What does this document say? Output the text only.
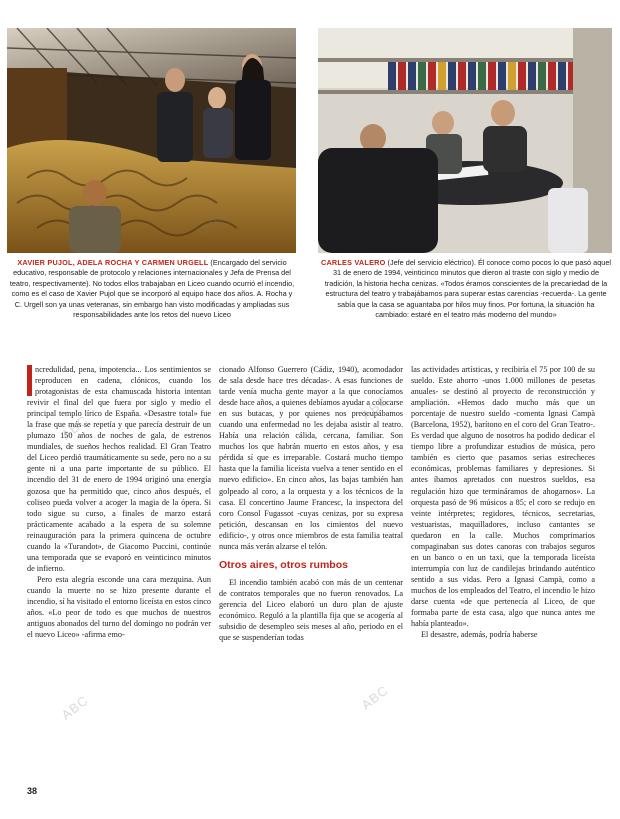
XAVIER PUJOL, ADELA ROCHA Y CARMEN URGELL (Encargado del servicio educativo, responsable de protocolo y relaciones internacionales y Jefa de Prensa del teatro, respectivamente). No todos ellos trabajaban en Liceo cuando ocurrió el incendio, como es el caso de Xavier Pujol que se incorporó al equipo hace dos años. A. Rocha y C. Urgell son ya unas veteranas, sin embargo han visto modificadas y ampliadas sus responsabilidades ante los retos del nuevo Liceo
CARLES VALERO (Jefe del servicio eléctrico). Él conoce como pocos lo que pasó aquel 31 de enero de 1994, veinticinco minutos que dieron al traste con siglo y medio de tradición, la historia hecha cenizas. «Todos éramos conscientes de la precariedad de la estructura del teatro y trabajábamos para superar estas carencias -recuerda-. La gente sabía que la casa se aguantaba por hilos muy finos. Por fortuna, la situación ha cambiado: estaré en el teatro más moderno del mundo»

ncredulidad, pena, impotencia... Los sentimientos se reproducen en cadena, clónicos, cuando los protagonistas de esta chamuscada historia intentan revivir el final del que fuera por siglo y medio el principal templo lírico de España. «Desastre total» fue la frase que más se repetía y que parecía destruir de un plumazo 150 años de noches de gala, de estrenos mundiales, de sueños hechos realidad. El Gran Teatro del Liceo perdió traumáticamente su sede, pero no a su gente ni a una parte importante de su público. El incendio del 31 de enero de 1994 originó una energía gozosa que ha permitido que, cinco años después, el coliseo pueda volver a acoger la magia de la ópera. Si todo sigue su curso, a finales de marzo estará prácticamente acabado a la espera de su solemne reinauguración para la primera quincena de octubre cuando la «Turandot», de Giacomo Puccini, continúe una temporada que se evaporó en veinticinco minutos de infierno.

Pero esta alegría esconde una cara mezquina. Aun cuando la muerte no se hizo presente durante el incendio, sí ha visitado el entorno liceísta en estos cinco años. «Lo peor de todo es que muchos de nuestros antiguos abonados del turno del domingo no podrán ver el nuevo Liceo» -afirma emo-

cionado Alfonso Guerrero (Cádiz, 1940), acomodador de sala desde hace tres décadas-. A esas funciones de tarde venía mucha gente mayor a la que conocíamos desde hace años, a quienes debíamos ayudar a colocarse en sus butacas, y por quienes nos preocupábamos cuando una enfermedad no les dejaba asistir al teatro. Había una relación cálida, cercana, familiar. Son muchos los que habrán muerto en estos años, y esa pérdida sí que es irreparable. Costará mucho tiempo hasta que la familia liceísta vuelva a tener sentido en el nuevo edificio». En cinco años, las bajas también han golpeado al coro, a la orquesta y a los técnicos de la casa. El concertino Jaume Francesc, la inspectora del coro Consol Fugassot -cuyas cenizas, por su expresa petición, descansan en los cimientos del nuevo edificio-, y otros once miembros de esta familia teatral nunca más verán alzarse el telón.

Otros aires, otros rumbos

El incendio también acabó con más de un centenar de contratos temporales que no fueron renovados. La gerencia del Liceo elaboró un duro plan de ajuste económico. Reguló a la plantilla fija que se acogería al subsidio de desempleo seis meses al año, periodo en el que se suspenderían todas

las actividades artísticas, y recibiría el 75 por 100 de su sueldo. Este ahorro -unos 1.000 millones de pesetas anuales- se destinó al proyecto de reconstrucción y ampliación. «Hemos dado mucho más que un porcentaje de nuestro sueldo -comenta Ignasi Campà (Barcelona, 1952), barítono en el coro del Gran Teatro-. Es verdad que alguno de nosotros ha podido dedicar el tiempo libre a profundizar estudios de música, pero también es cierto que pasamos serias estrecheces económicas, problemas familiares y depresiones. Si antes íbamos apretados con nuestros sueldos, esa regulación hizo que termináramos de ahogarnos». La orquesta pasó de 96 músicos a 85; el coro se redujo en veinte intérpretes; regidores, técnicos, secretarias, vestuaristas, maquilladores, incluso cantantes se quedaron en la calle. Muchos comprimarios compaginaban sus dotes canoras con trabajos seguros en un banco o en un taxi, que la temporada liceísta interrumpía con luz de candilejas brindando auténtico sentido a sus vidas. Pero a Ignasi Campà, como a muchos de los empleados del Teatro, el incendio le hizo darse cuenta «de que pertenecía al Liceo, de que formaba parte de esta casa, algo que nunca antes me había planteado».

El desastre, además, podría haberse

38
ABC
ABC
ABC
ABC	ABC
